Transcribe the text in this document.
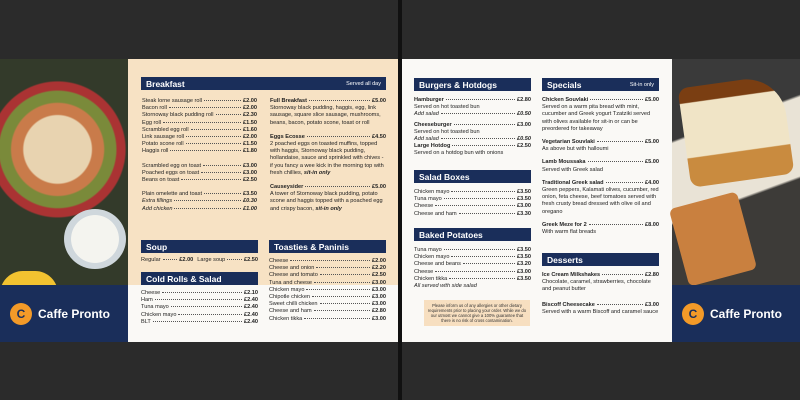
C	Caffe Pronto
Breakfast	Served all day
Steak lorne sausage roll	£2.00
Bacon roll	£2.00
Stornoway black pudding roll	£2.30
Egg roll	£1.50
Scrambled egg roll	£1.60
Link sausage roll	£2.00
Potato scone roll	£1.50
Haggis roll	£1.80
Scrambled egg on toast	£3.00
Poached eggs on toast	£3.00
Beans on toast	£2.50
Plain omelette and toast	£3.50
Extra fillings	£0.30
Add chicken	£1.00
Full Breakfast	£5.00
Stornoway black pudding, haggis, egg, link sausage, square slice sausage, mushrooms, beans, bacon, potato scone, toast or roll
Eggs Ecosse	£4.50
2 poached eggs on toasted muffins, topped with haggis, Stornoway black pudding, hollandaise, sauce and sprinkled with chives - if you fancy a wee kick in the morning top with fresh chillies, sit-in only
Causeysider	£5.00
A tower of Stornoway black pudding, potato scone and haggis topped with a poached egg and crispy bacon, sit-in only
Soup
Regular	£2.00 Large soup	£2.50
Cold Rolls & Salad
Cheese	£2.10
Ham	£2.40
Tuna mayo	£2.40
Chicken mayo	£2.40
BLT	£2.40
Toasties & Paninis
Cheese	£2.00
Cheese and onion	£2.20
Cheese and tomato	£2.50
Tuna and cheese	£3.00
Chicken mayo	£3.00
Chipotle chicken	£3.00
Sweet chilli chicken	£3.00
Cheese and ham	£2.80
Chicken tikka	£3.00	C	Caffe Pronto
Burgers & Hotdogs
Hamburger	£2.80
Served on hot toasted bun
Add salad	£0.50
Cheeseburger	£3.00
Served on hot toasted bun
Add salad	£0.50
Large Hotdog	£2.50
Served on a hotdog bun with onions
Salad Boxes
Chicken mayo	£3.50
Tuna mayo	£3.50
Cheese	£3.00
Cheese and ham	£3.30
Baked Potatoes
Tuna mayo	£3.50
Chicken mayo	£3.50
Cheese and beans	£3.20
Cheese	£3.00
Chicken tikka	£3.50
All served with side salad
Specials	Sit-in only
Chicken Souvlaki	£5.00
Served on a warm pita bread with mint, cucumber and Greek yogurt Tzatziki served with olives available for sit-in or can be preordered for takeaway
Vegetarian Souvlaki	£5.00
As above but with halloumi
Lamb Moussaka	£5.00
Served with Greek salad
Traditional Greek salad	£4.00
Green peppers, Kalamati olives, cucumber, red onion, feta cheese, beef tomatoes served with fresh crusty bread dressed with olive oil and oregano
Greek Meze for 2	£8.00
With warm flat breads
Desserts
Ice Cream Milkshakes	£2.80
Chocolate, caramel, strawberries, chocolate and peanut butter
Biscoff Cheesecake	£3.00
Served with a warm Biscoff and caramel sauce
Please inform us of any allergies or other dietary requirements prior to placing your order. While we do our utmost we cannot give a 100% guarantee that there is no risk of cross contamination.
